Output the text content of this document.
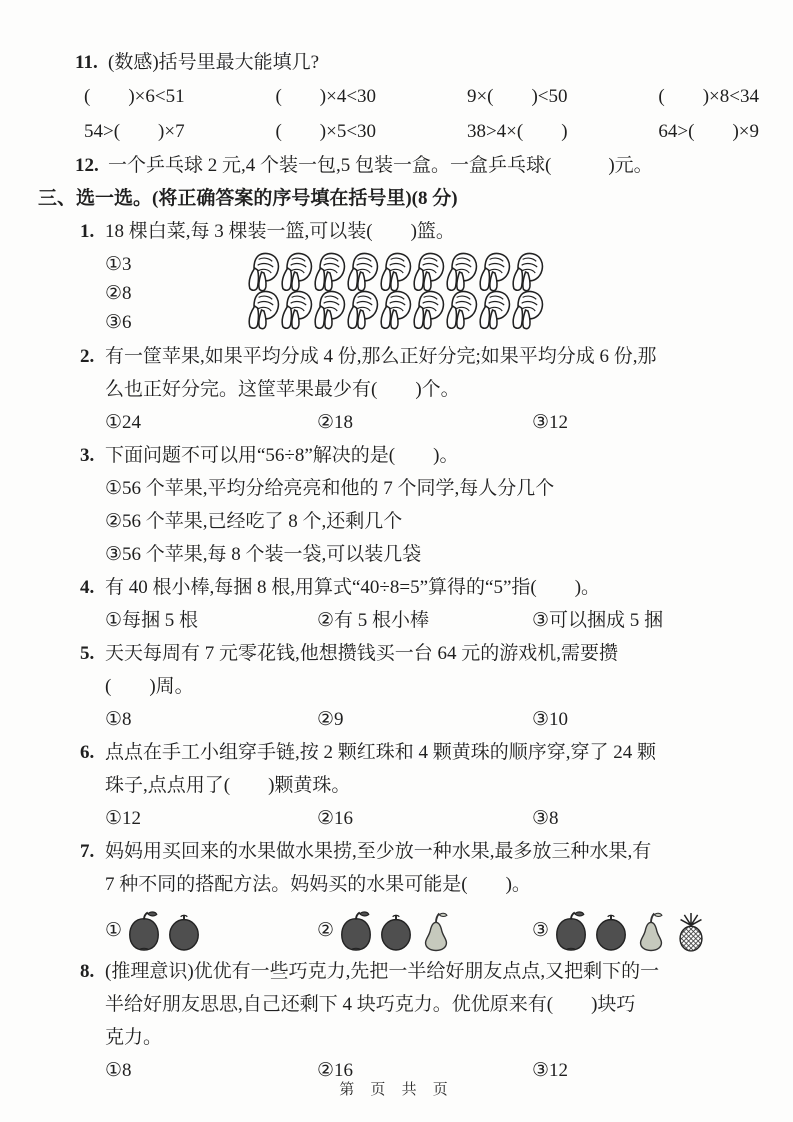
11. (数感)括号里最大能填几?
(　　)×6<51	(　　)×4<30	9×(　　)<50	(　　)×8<34
54>(　　)×7	(　　)×5<30	38>4×(　　)	64>(　　)×9
12. 一个乒乓球 2 元,4 个装一包,5 包装一盒。一盒乒乓球(　　　)元。
三、选一选。(将正确答案的序号填在括号里)(8 分)
1. 18 棵白菜,每 3 棵装一篮,可以装(　　)篮。
①3
②8
③6
2. 有一筐苹果,如果平均分成 4 份,那么正好分完;如果平均分成 6 份,那
么也正好分完。这筐苹果最少有(　　)个。
①24	②18	③12
3. 下面问题不可以用“56÷8”解决的是(　　)。
①56 个苹果,平均分给亮亮和他的 7 个同学,每人分几个
②56 个苹果,已经吃了 8 个,还剩几个
③56 个苹果,每 8 个装一袋,可以装几袋
4. 有 40 根小棒,每捆 8 根,用算式“40÷8=5”算得的“5”指(　　)。
①每捆 5 根	②有 5 根小棒	③可以捆成 5 捆
5. 天天每周有 7 元零花钱,他想攒钱买一台 64 元的游戏机,需要攒
(　　)周。
①8	②9	③10
6. 点点在手工小组穿手链,按 2 颗红珠和 4 颗黄珠的顺序穿,穿了 24 颗
珠子,点点用了(　　)颗黄珠。
①12	②16	③8
7. 妈妈用买回来的水果做水果捞,至少放一种水果,最多放三种水果,有
7 种不同的搭配方法。妈妈买的水果可能是(　　)。
①	②	③
8. (推理意识)优优有一些巧克力,先把一半给好朋友点点,又把剩下的一
半给好朋友思思,自己还剩下 4 块巧克力。优优原来有(　　)块巧
克力。
①8	②16	③12
第 页 共 页
